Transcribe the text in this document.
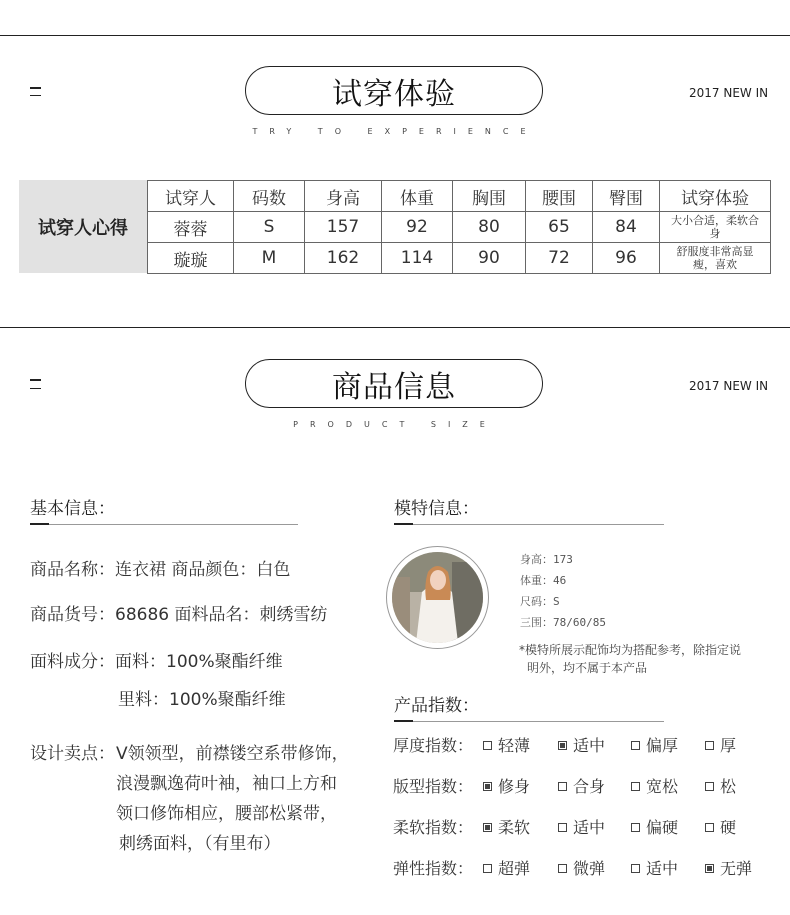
试穿体验
TRY TO EXPERIENCE
2017 NEW IN
试穿人心得
试穿人	码数	身高	体重	胸围	腰围	臀围	试穿体验
蓉蓉	S	157	92	80	65	84	大小合适，柔软合身
璇璇	M	162	114	90	72	96	舒服度非常高显瘦，喜欢
商品信息
PRODUCT SIZE
2017 NEW IN
基本信息：
商品名称：连衣裙 商品颜色：白色
商品货号：68686 面料品名：刺绣雪纺
面料成分：面料：100%聚酯纤维
里料：100%聚酯纤维
设计卖点： V领领型，前襟镂空系带修饰，
浪漫飘逸荷叶袖，袖口上方和
领口修饰相应，腰部松紧带，
刺绣面料，（有里布）
模特信息：
身高：173
体重：46
尺码：S
三围：78/60/85
*模特所展示配饰均为搭配参考，除指定说
明外，均不属于本产品
产品指数：
厚度指数：	轻薄	适中	偏厚	厚
版型指数：	修身	合身	宽松	松
柔软指数：	柔软	适中	偏硬	硬
弹性指数：	超弹	微弹	适中	无弹
